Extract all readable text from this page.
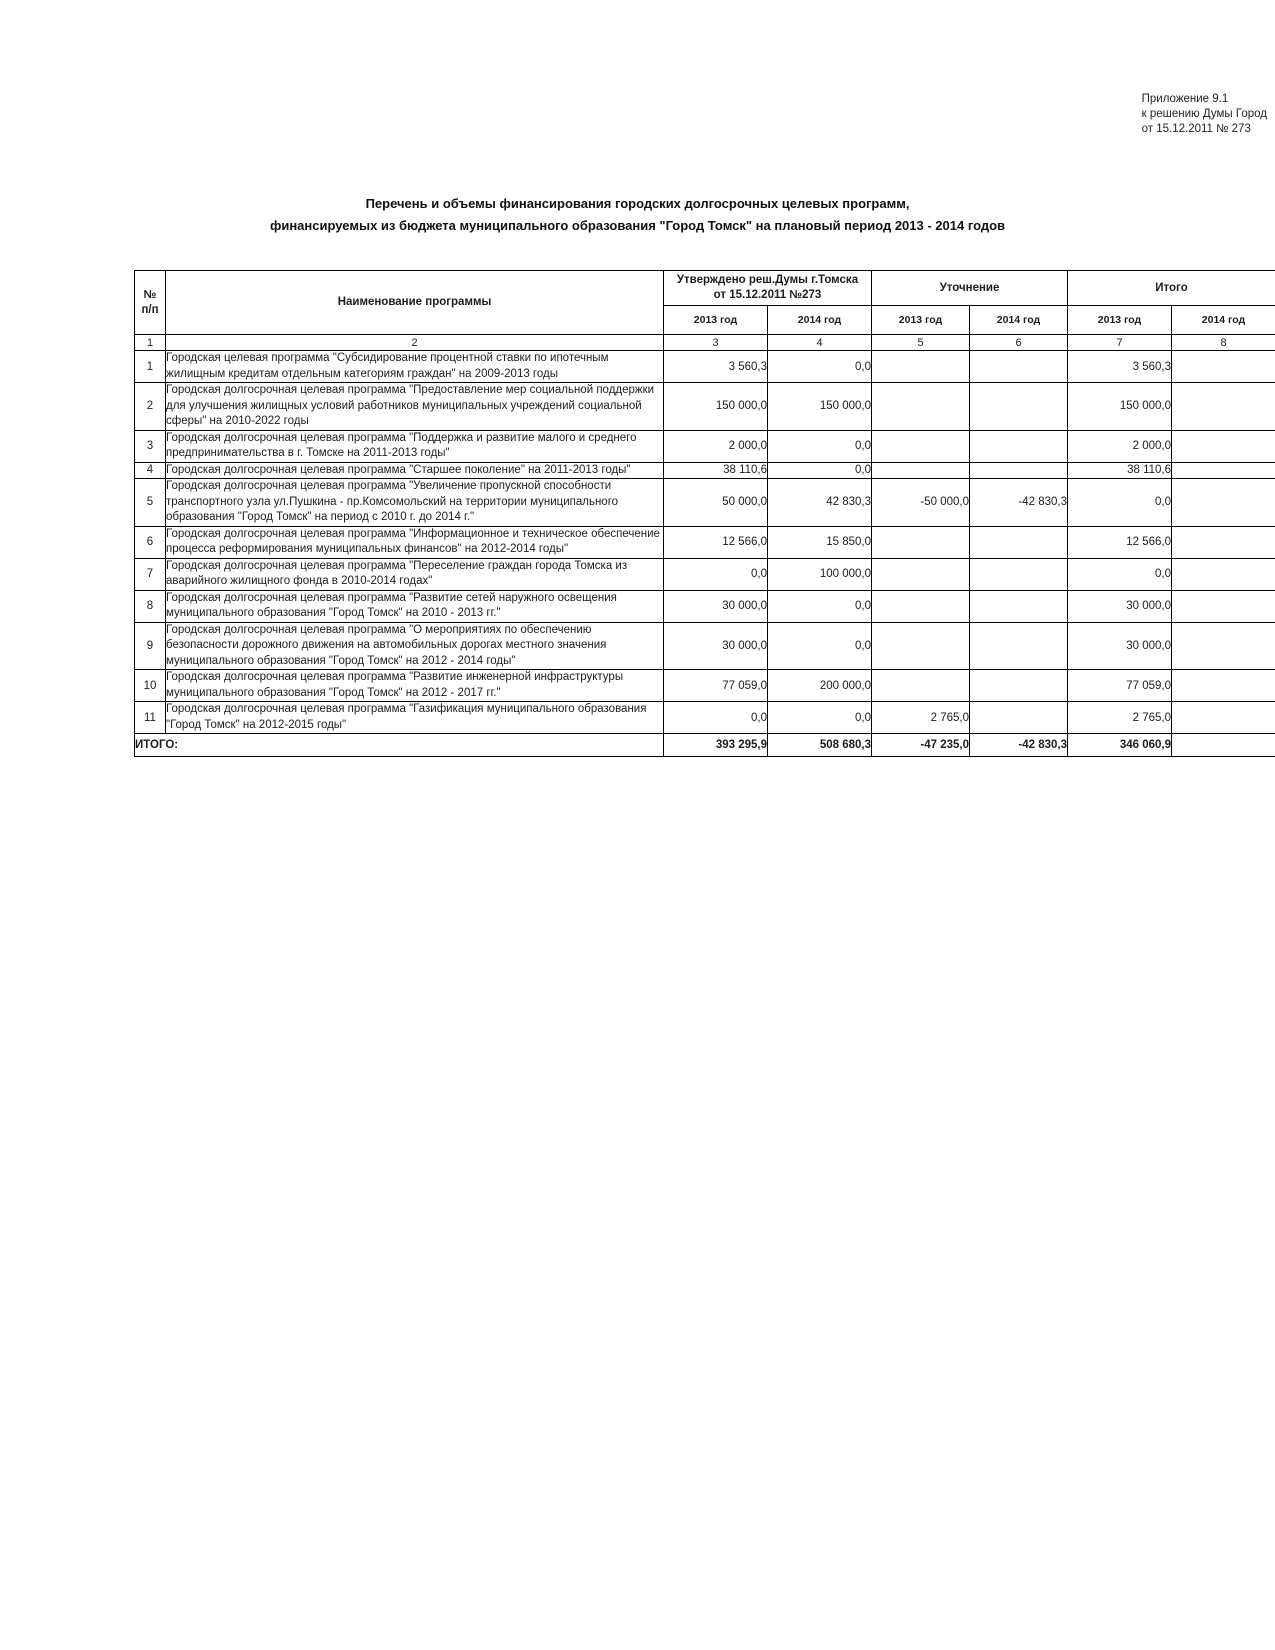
Приложение 9.1
к решению Думы Город
от 15.12.2011 № 273
Перечень и объемы финансирования городских долгосрочных целевых программ,
финансируемых из бюджета муниципального образования "Город Томск" на плановый период 2013 - 2014 годов
№
п/п
	Наименование программы	
Утверждено реш.Думы г.Томска
от 15.12.2011 №273
	Уточнение	Итого
		2013 год	2014 год	2013 год	2014 год	2013 год	2014 год
1	2	3	4	5	6	7	8
1	Городская целевая программа "Субсидирование процентной ставки по ипотечным жилищным кредитам отдельным категориям граждан" на 2009-2013 годы	3 560,3	0,0			3 560,3	
2	Городская долгосрочная целевая программа "Предоставление мер социальной поддержки для улучшения жилищных условий работников муниципальных учреждений социальной сферы" на 2010-2022 годы	150 000,0	150 000,0			150 000,0	
3	Городская долгосрочная целевая программа "Поддержка и развитие малого и среднего предпринимательства в г. Томске на 2011-2013 годы"	2 000,0	0,0			2 000,0	
4	Городская долгосрочная целевая программа "Старшее поколение" на 2011-2013 годы"	38 110,6	0,0			38 110,6	
5	Городская долгосрочная целевая программа "Увеличение пропускной способности транспортного узла ул.Пушкина - пр.Комсомольский на территории муниципального образования "Город Томск" на период с 2010 г. до 2014 г."	50 000,0	42 830,3	-50 000,0	-42 830,3	0,0	
6	Городская долгосрочная целевая программа "Информационное и техническое обеспечение процесса реформирования муниципальных финансов" на 2012-2014 годы"	12 566,0	15 850,0			12 566,0	
7	Городская долгосрочная целевая программа "Переселение граждан города Томска из аварийного жилищного фонда в 2010-2014 годах"	0,0	100 000,0			0,0	
8	Городская долгосрочная целевая программа "Развитие сетей наружного освещения муниципального образования "Город Томск" на 2010 - 2013 гг."	30 000,0	0,0			30 000,0	
9	Городская долгосрочная целевая программа "О мероприятиях по обеспечению безопасности дорожного движения на автомобильных дорогах местного значения муниципального образования "Город Томск" на 2012 - 2014 годы"	30 000,0	0,0			30 000,0	
10	Городская долгосрочная целевая программа "Развитие инженерной инфраструктуры муниципального образования "Город Томск" на 2012 - 2017 гг."	77 059,0	200 000,0			77 059,0	
11	Городская долгосрочная целевая программа "Газификация муниципального образования "Город Томск" на 2012-2015 годы"	0,0	0,0	2 765,0		2 765,0	
ИТОГО:		393 295,9	508 680,3	-47 235,0	-42 830,3	346 060,9	
